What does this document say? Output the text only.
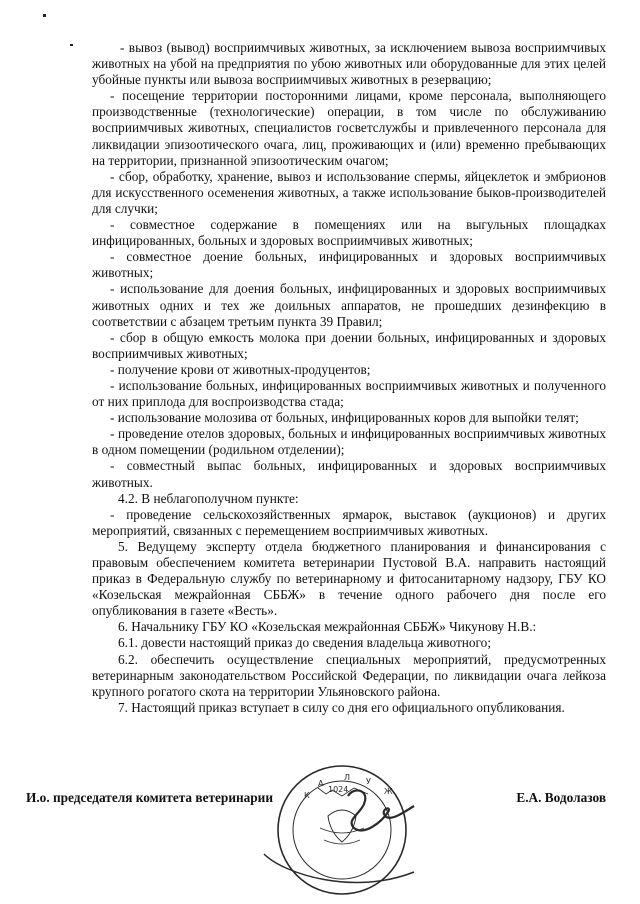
- вывоз (вывод) восприимчивых животных, за исключением вывоза восприимчивых животных на убой на предприятия по убою животных или оборудованные для этих целей убойные пункты или вывоза восприимчивых животных в резервацию;

- посещение территории посторонними лицами, кроме персонала, выполняющего производственные (технологические) операции, в том числе по обслуживанию восприимчивых животных, специалистов госветслужбы и привлеченного персонала для ликвидации эпизоотического очага, лиц, проживающих и (или) временно пребывающих на территории, признанной эпизоотическим очагом;

- сбор, обработку, хранение, вывоз и использование спермы, яйцеклеток и эмбрионов для искусственного осеменения животных, а также использование быков-производителей для случки;

- совместное содержание в помещениях или на выгульных площадках инфицированных, больных и здоровых восприимчивых животных;

- совместное доение больных, инфицированных и здоровых восприимчивых животных;

- использование для доения больных, инфицированных и здоровых восприимчивых животных одних и тех же доильных аппаратов, не прошедших дезинфекцию в соответствии с абзацем третьим пункта 39 Правил;

- сбор в общую емкость молока при доении больных, инфицированных и здоровых восприимчивых животных;

- получение крови от животных-продуцентов;

- использование больных, инфицированных восприимчивых животных и полученного от них приплода для воспроизводства стада;

- использование молозива от больных, инфицированных коров для выпойки телят;

- проведение отелов здоровых, больных и инфицированных восприимчивых животных в одном помещении (родильном отделении);

- совместный выпас больных, инфицированных и здоровых восприимчивых животных.

4.2. В неблагополучном пункте:

- проведение сельскохозяйственных ярмарок, выставок (аукционов) и других мероприятий, связанных с перемещением восприимчивых животных.

5. Ведущему эксперту отдела бюджетного планирования и финансирования с правовым обеспечением комитета ветеринарии Пустовой В.А. направить настоящий приказ в Федеральную службу по ветеринарному и фитосанитарному надзору, ГБУ КО «Козельская межрайонная СББЖ» в течение одного рабочего дня после его опубликования в газете «Весть».

6. Начальнику ГБУ КО «Козельская межрайонная СББЖ» Чикунову Н.В.:

6.1. довести настоящий приказ до сведения владельца животного;

6.2. обеспечить осуществление специальных мероприятий, предусмотренных ветеринарным законодательством Российской Федерации, по ликвидации очага лейкоза крупного рогатого скота на территории Ульяновского района.

7. Настоящий приказ вступает в силу со дня его официального опубликования.

1024
К
А
Л У
Ж
И.о. председателя комитета ветеринарии	Е.А. Водолазов
